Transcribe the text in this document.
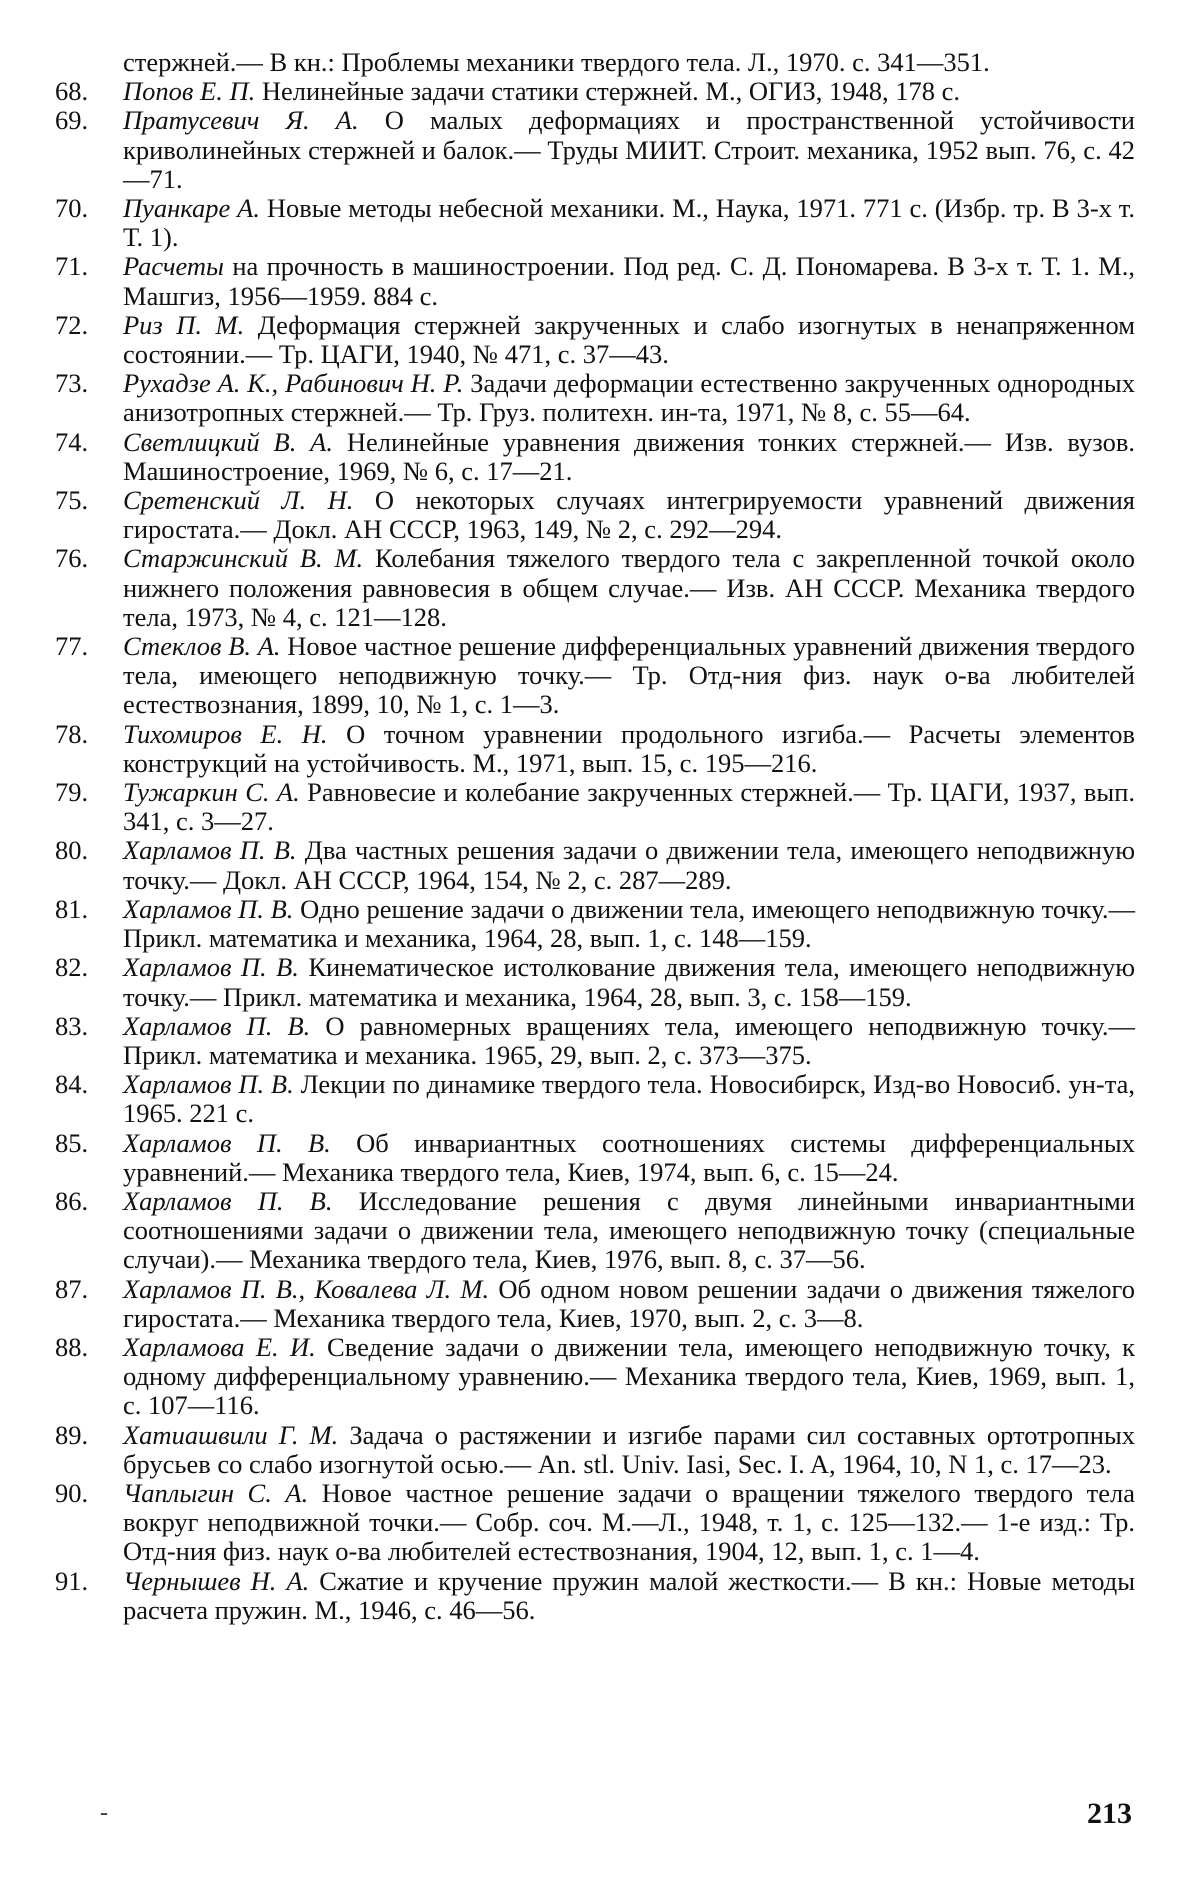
стержней.— В кн.: Проблемы механики твердого тела. Л., 1970. с. 341—351.
68.	Попов Е. П. Нелинейные задачи статики стержней. М., ОГИЗ, 1948, 178 с.
69.	Пратусевич Я. А. О малых деформациях и пространственной устойчивости криволинейных стержней и балок.— Труды МИИТ. Строит. механика, 1952 вып. 76, с. 42—71.
70.	Пуанкаре А. Новые методы небесной механики. М., Наука, 1971. 771 с. (Избр. тр. В 3-х т. Т. 1).
71.	Расчеты на прочность в машиностроении. Под ред. С. Д. Пономарева. В 3-х т. Т. 1. М., Машгиз, 1956—1959. 884 с.
72.	Риз П. М. Деформация стержней закрученных и слабо изогнутых в ненапряженном состоянии.— Тр. ЦАГИ, 1940, № 471, с. 37—43.
73.	Рухадзе А. К., Рабинович Н. Р. Задачи деформации естественно закрученных однородных анизотропных стержней.— Тр. Груз. политехн. ин-та, 1971, № 8, с. 55—64.
74.	Светлицкий В. А. Нелинейные уравнения движения тонких стержней.— Изв. вузов. Машиностроение, 1969, № 6, с. 17—21.
75.	Сретенский Л. Н. О некоторых случаях интегрируемости уравнений движения гиростата.— Докл. АН СССР, 1963, 149, № 2, с. 292—294.
76.	Старжинский В. М. Колебания тяжелого твердого тела с закрепленной точкой около нижнего положения равновесия в общем случае.— Изв. АН СССР. Механика твердого тела, 1973, № 4, с. 121—128.
77.	Стеклов В. А. Новое частное решение дифференциальных уравнений движения твердого тела, имеющего неподвижную точку.— Тр. Отд-ния физ. наук о-ва любителей естествознания, 1899, 10, № 1, с. 1—3.
78.	Тихомиров Е. Н. О точном уравнении продольного изгиба.— Расчеты элементов конструкций на устойчивость. М., 1971, вып. 15, с. 195—216.
79.	Тужаркин С. А. Равновесие и колебание закрученных стержней.— Тр. ЦАГИ, 1937, вып. 341, с. 3—27.
80.	Харламов П. В. Два частных решения задачи о движении тела, имеющего неподвижную точку.— Докл. АН СССР, 1964, 154, № 2, с. 287—289.
81.	Харламов П. В. Одно решение задачи о движении тела, имеющего неподвижную точку.— Прикл. математика и механика, 1964, 28, вып. 1, с. 148—159.
82.	Харламов П. В. Кинематическое истолкование движения тела, имеющего неподвижную точку.— Прикл. математика и механика, 1964, 28, вып. 3, с. 158—159.
83.	Харламов П. В. О равномерных вращениях тела, имеющего неподвижную точку.— Прикл. математика и механика. 1965, 29, вып. 2, с. 373—375.
84.	Харламов П. В. Лекции по динамике твердого тела. Новосибирск, Изд-во Новосиб. ун-та, 1965. 221 с.
85.	Харламов П. В. Об инвариантных соотношениях системы дифференциальных уравнений.— Механика твердого тела, Киев, 1974, вып. 6, с. 15—24.
86.	Харламов П. В. Исследование решения с двумя линейными инвариантными соотношениями задачи о движении тела, имеющего неподвижную точку (специальные случаи).— Механика твердого тела, Киев, 1976, вып. 8, с. 37—56.
87.	Харламов П. В., Ковалева Л. М. Об одном новом решении задачи о движения тяжелого гиростата.— Механика твердого тела, Киев, 1970, вып. 2, с. 3—8.
88.	Харламова Е. И. Сведение задачи о движении тела, имеющего неподвижную точку, к одному дифференциальному уравнению.— Механика твердого тела, Киев, 1969, вып. 1, с. 107—116.
89.	Хатиашвили Г. М. Задача о растяжении и изгибе парами сил составных ортотропных брусьев со слабо изогнутой осью.— An. stl. Univ. Iasi, Sec. I. A, 1964, 10, N 1, с. 17—23.
90.	Чаплыгин С. А. Новое частное решение задачи о вращении тяжелого твердого тела вокруг неподвижной точки.— Собр. соч. М.—Л., 1948, т. 1, с. 125—132.— 1-е изд.: Тр. Отд-ния физ. наук о-ва любителей естествознания, 1904, 12, вып. 1, с. 1—4.
91.	Чернышев Н. А. Сжатие и кручение пружин малой жесткости.— В кн.: Новые методы расчета пружин. М., 1946, с. 46—56.
-	213
